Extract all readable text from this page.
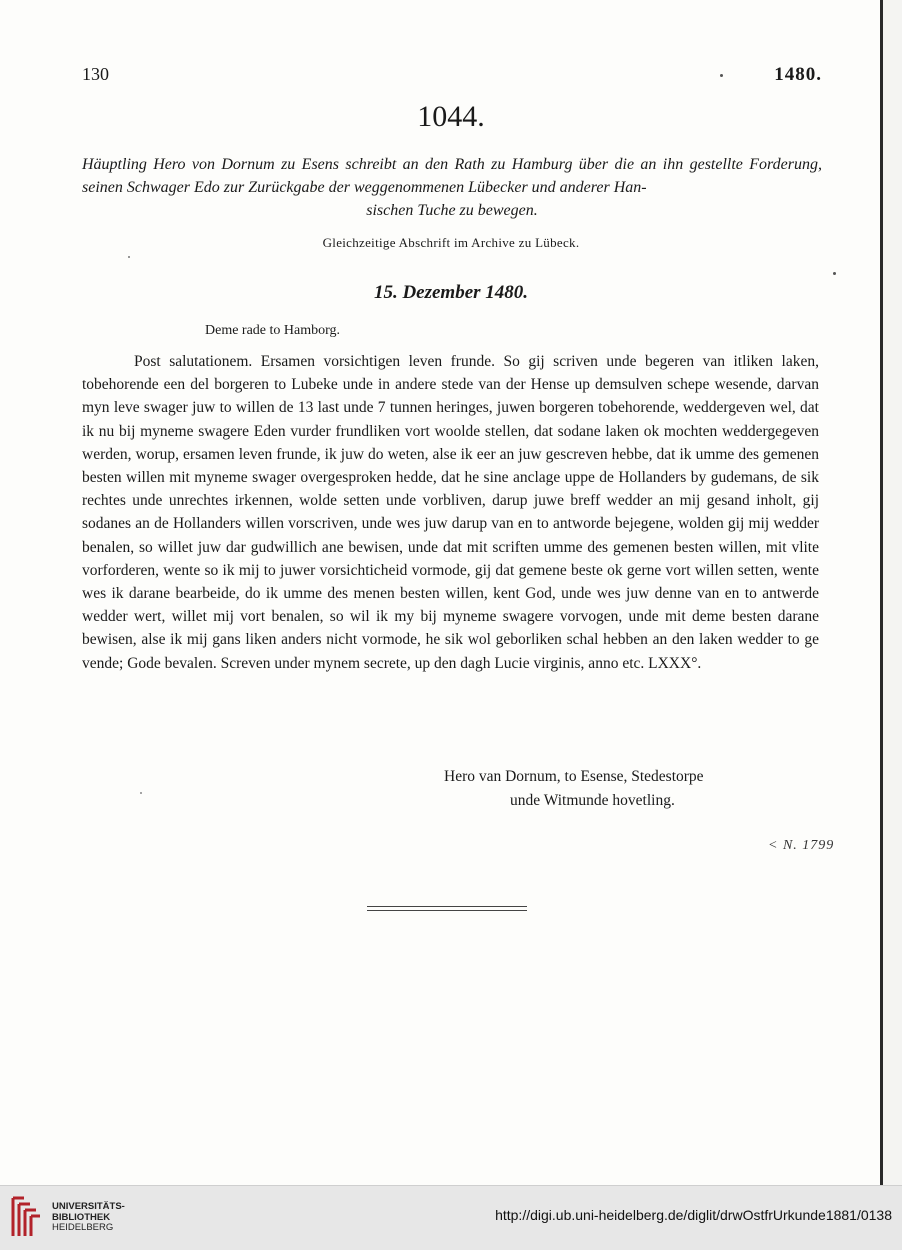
130	1480.
1044.
Häuptling Hero von Dornum zu Esens schreibt an den Rath zu Hamburg über die an ihn gestellte Forderung, seinen Schwager Edo zur Zurückgabe der weggenommenen Lübecker und anderer Han-
sischen Tuche zu bewegen.
Gleichzeitige Abschrift im Archive zu Lübeck.
15. Dezember 1480.
Deme rade to Hamborg.

Post salutationem. Ersamen vorsichtigen leven frunde. So gij scriven unde begeren van itliken laken, tobehorende een del borgeren to Lubeke unde in andere stede van der Hense up demsulven schepe wesende, darvan myn leve swager juw to willen de 13 last unde 7 tunnen heringes, juwen borgeren tobehorende, weddergeven wel, dat ik nu bij myneme swagere Eden vurder frundliken vort woolde stellen, dat sodane laken ok mochten weddergegeven werden, worup, ersamen leven frunde, ik juw do weten, alse ik eer an juw gescreven hebbe, dat ik umme des gemenen besten willen mit myneme swager overgesproken hedde, dat he sine anclage uppe de Hollanders by gudemans, de sik rechtes unde unrechtes irkennen, wolde setten unde vorbliven, darup juwe breff wedder an mij gesand inholt, gij sodanes an de Hollanders willen vorscriven, unde wes juw darup van en to antworde bejegene, wolden gij mij wedder benalen, so willet juw dar gudwillich ane bewisen, unde dat mit scriften umme des gemenen besten willen, mit vlite vorforderen, wente so ik mij to juwer vorsichticheid vormode, gij dat gemene beste ok gerne vort willen setten, wente wes ik darane bearbeide, do ik umme des menen besten willen, kent God, unde wes juw denne van en to antwerde wedder wert, willet mij vort benalen, so wil ik my bij myneme swagere vorvogen, unde mit deme besten darane bewisen, alse ik mij gans liken anders nicht vormode, he sik wol geborliken schal hebben an den laken wedder to ge vende; Gode bevalen. Screven under mynem secrete, up den dagh Lucie virginis, anno etc. LXXX°.

Hero van Dornum, to Esense, Stedestorpe
unde Witmunde hovetling.
< N. 1799
UNIVERSITÄTS-
BIBLIOTHEK
HEIDELBERG
http://digi.ub.uni-heidelberg.de/diglit/drwOstfrUrkunde1881/0138
